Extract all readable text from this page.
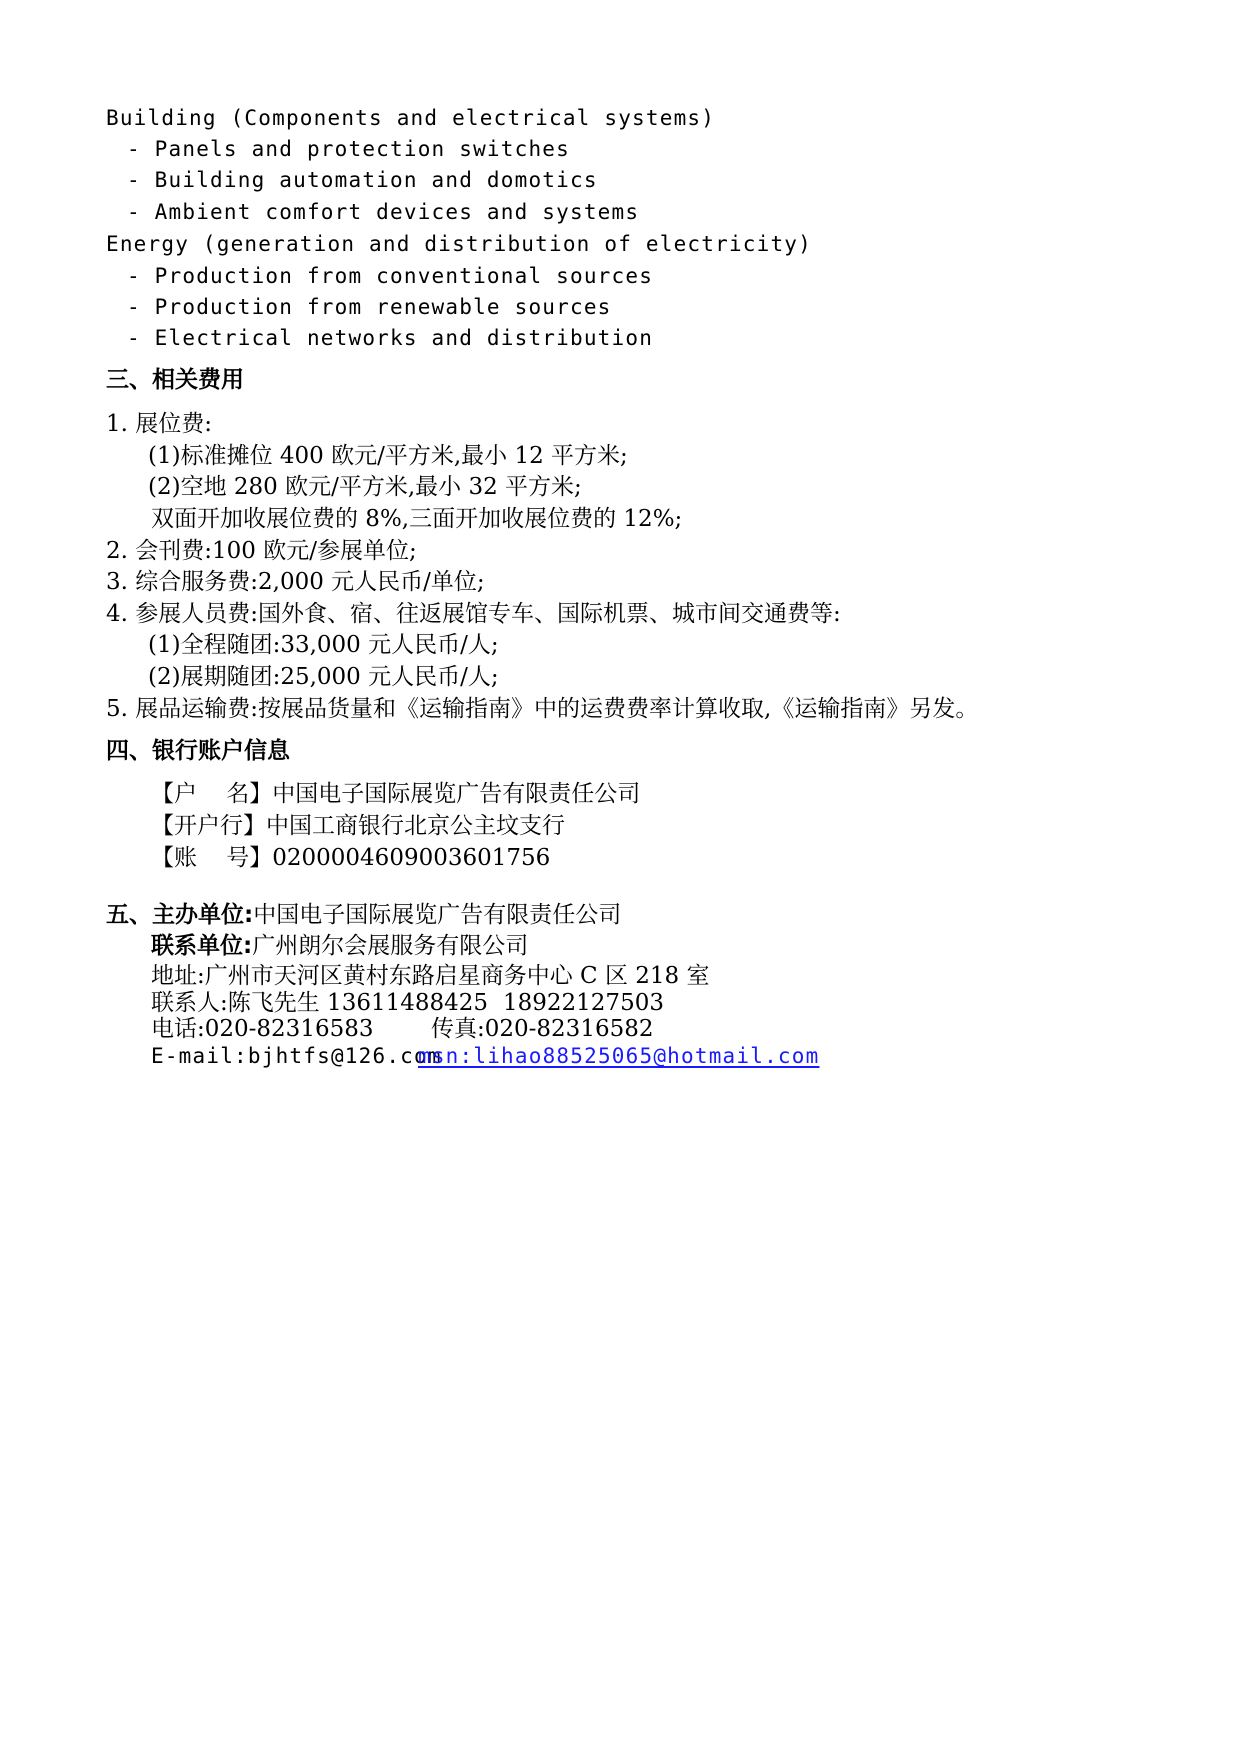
Building (Components and electrical systems)
- Panels and protection switches
- Building automation and domotics
- Ambient comfort devices and systems
Energy (generation and distribution of electricity)
- Production from conventional sources
- Production from renewable sources
- Electrical networks and distribution
三、相关费用
1. 展位费:
(1)标准摊位 400 欧元/平方米,最小 12 平方米;
(2)空地 280 欧元/平方米,最小 32 平方米;
双面开加收展位费的 8%,三面开加收展位费的 12%;
2. 会刊费:100 欧元/参展单位;
3. 综合服务费:2,000 元人民币/单位;
4. 参展人员费:国外食、宿、往返展馆专车、国际机票、城市间交通费等:
(1)全程随团:33,000 元人民币/人;
(2)展期随团:25,000 元人民币/人;
5. 展品运输费:按展品货量和《运输指南》中的运费费率计算收取,《运输指南》另发。
四、银行账户信息
【户    名】中国电子国际展览广告有限责任公司
【开户行】中国工商银行北京公主坟支行
【账    号】0200004609003601756
五、主办单位:中国电子国际展览广告有限责任公司
联系单位:广州朗尔会展服务有限公司
地址:广州市天河区黄村东路启星商务中心 C 区 218 室
联系人:陈飞先生 13611488425 18922127503
电话:020-82316583	传真:020-82316582
E-mail:bjhtfs@126.com
msn:lihao88525065@hotmail.com
